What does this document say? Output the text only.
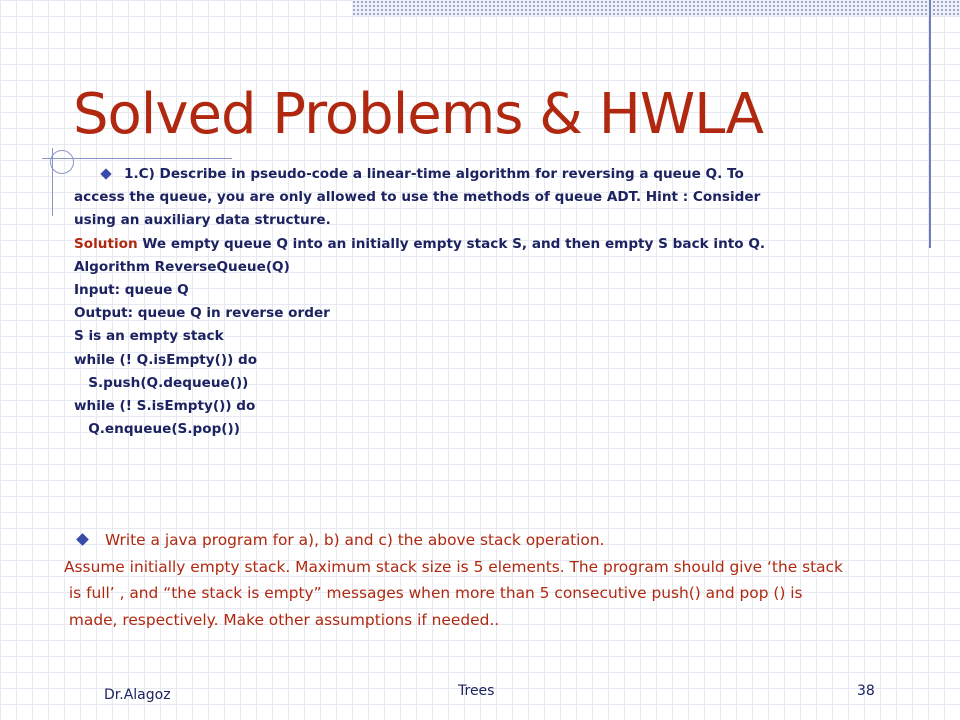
Solved Problems & HWLA
1.C) Describe in pseudo-code a linear-time algorithm for reversing a queue Q. To
access the queue, you are only allowed to use the methods of queue ADT. Hint : Consider
using an auxiliary data structure.
Solution We empty queue Q into an initially empty stack S, and then empty S back into Q.
Algorithm ReverseQueue(Q)
Input: queue Q
Output: queue Q in reverse order
S is an empty stack
while (! Q.isEmpty()) do
S.push(Q.dequeue())
while (! S.isEmpty()) do
Q.enqueue(S.pop())
Write a java program for a), b) and c) the above stack operation.
Assume initially empty stack. Maximum stack size is 5 elements. The program should give ‘the stack
is full’ , and “the stack is empty” messages when more than 5 consecutive push() and pop () is
made, respectively. Make other assumptions if needed..
Dr.Alagoz	Trees	38
